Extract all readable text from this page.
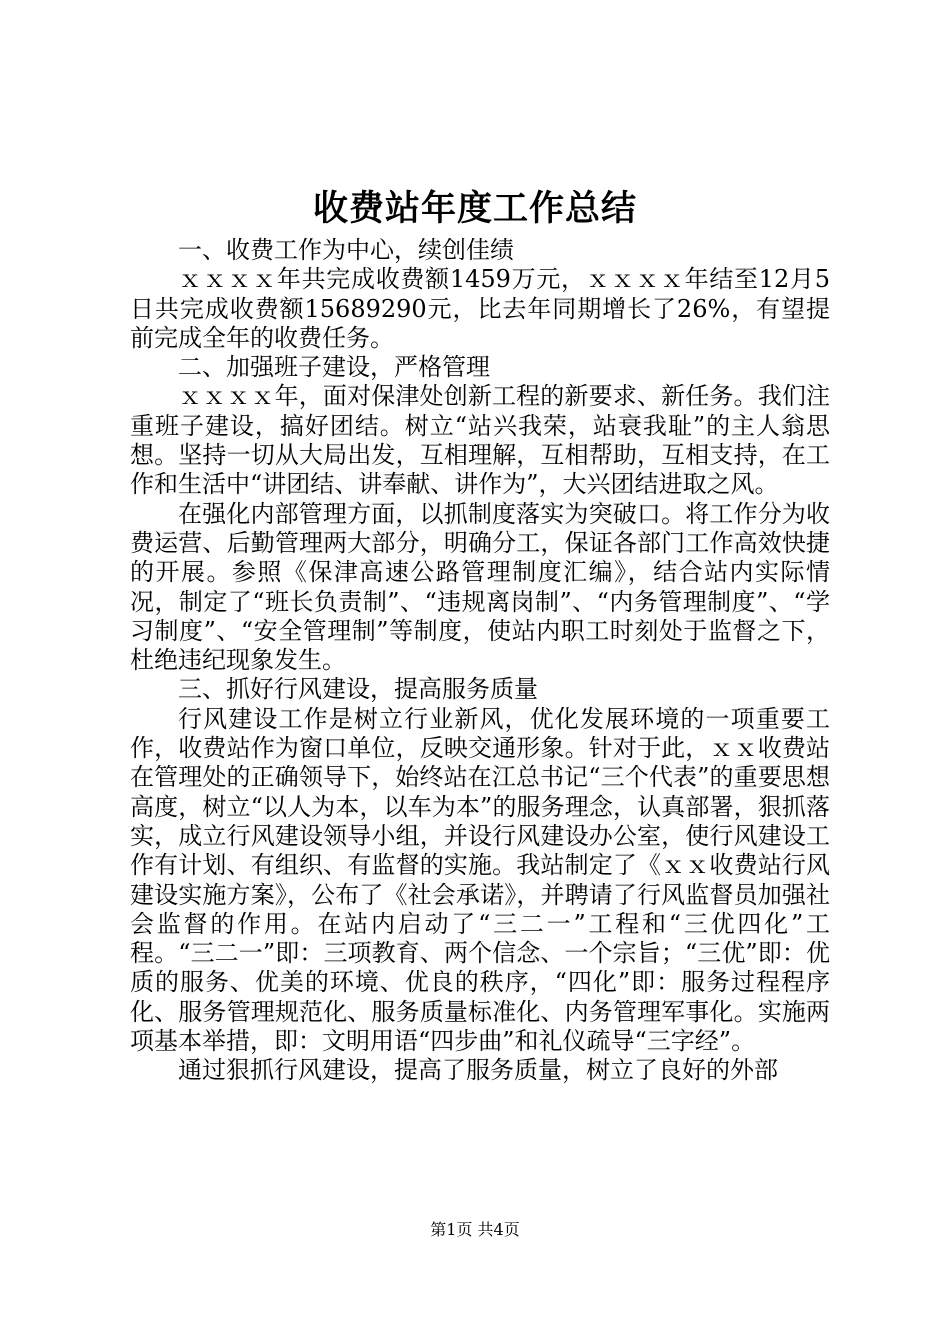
收费站年度工作总结

一、收费工作为中心，续创佳绩

ｘｘｘｘ年共完成收费额1459万元，ｘｘｘｘ年结至12月5日共完成收费额15689290元，比去年同期增长了26%，有望提前完成全年的收费任务。

二、加强班子建设，严格管理

ｘｘｘｘ年，面对保津处创新工程的新要求、新任务。我们注重班子建设，搞好团结。树立“站兴我荣，站衰我耻”的主人翁思想。坚持一切从大局出发，互相理解，互相帮助，互相支持，在工作和生活中“讲团结、讲奉献、讲作为”，大兴团结进取之风。

在强化内部管理方面，以抓制度落实为突破口。将工作分为收费运营、后勤管理两大部分，明确分工，保证各部门工作高效快捷的开展。参照《保津高速公路管理制度汇编》，结合站内实际情况，制定了“班长负责制”、“违规离岗制”、“内务管理制度”、“学习制度”、“安全管理制”等制度，使站内职工时刻处于监督之下，杜绝违纪现象发生。

三、抓好行风建设，提高服务质量

行风建设工作是树立行业新风，优化发展环境的一项重要工作，收费站作为窗口单位，反映交通形象。针对于此，ｘｘ收费站在管理处的正确领导下，始终站在江总书记“三个代表”的重要思想高度，树立“以人为本，以车为本”的服务理念，认真部署，狠抓落实，成立行风建设领导小组，并设行风建设办公室，使行风建设工作有计划、有组织、有监督的实施。我站制定了《ｘｘ收费站行风建设实施方案》，公布了《社会承诺》，并聘请了行风监督员加强社会监督的作用。在站内启动了“三二一”工程和“三优四化”工程。“三二一”即：三项教育、两个信念、一个宗旨；“三优”即：优质的服务、优美的环境、优良的秩序，“四化”即：服务过程程序化、服务管理规范化、服务质量标准化、内务管理军事化。实施两项基本举措，即：文明用语“四步曲”和礼仪疏导“三字经”。

通过狠抓行风建设，提高了服务质量，树立了良好的外部

第1页 共4页
